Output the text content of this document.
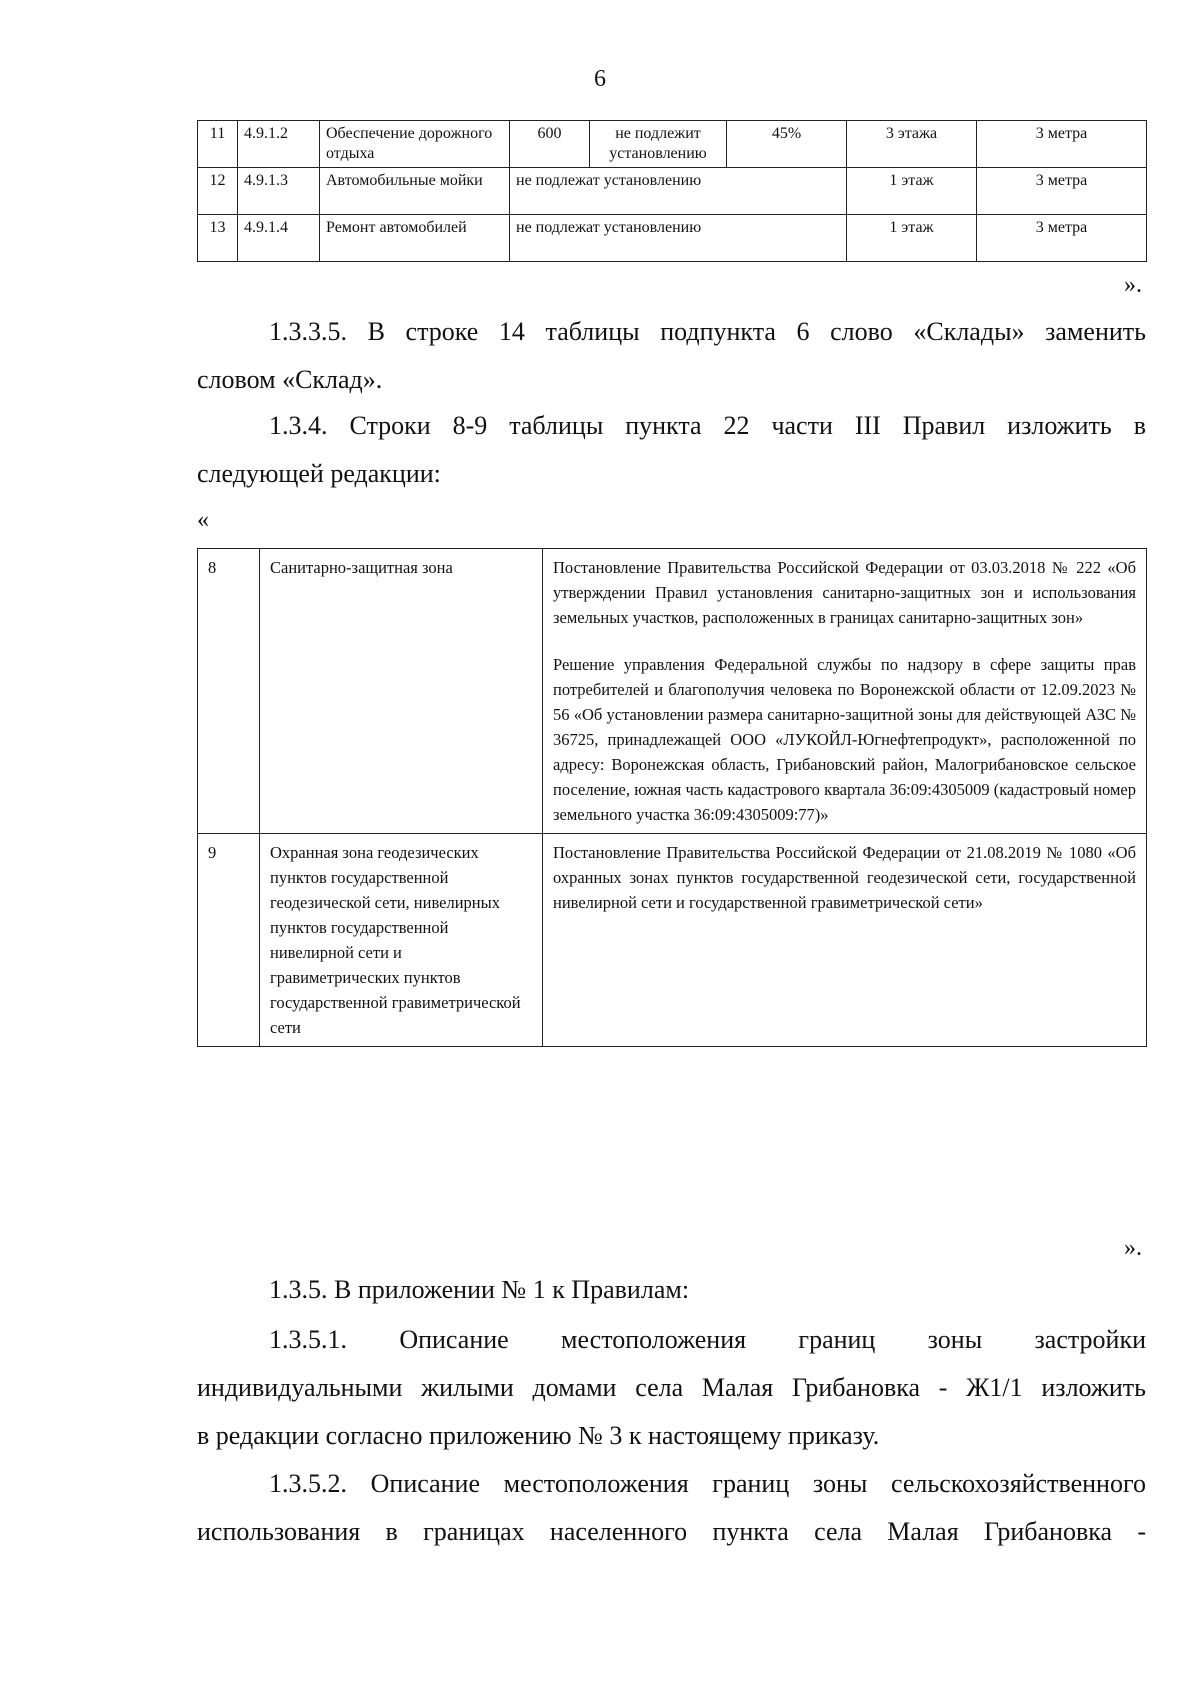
6
11	4.9.1.2	Обеспечение дорожного отдыха	600	не подлежит установлению	45%	3 этажа	3 метра
12	4.9.1.3	Автомобильные мойки	не подлежат установлению			1 этаж	3 метра
13	4.9.1.4	Ремонт автомобилей	не подлежат установлению			1 этаж	3 метра
».
1.3.3.5. В строке 14 таблицы подпункта 6 слово «Склады» заменить
словом «Склад».
1.3.4. Строки 8-9 таблицы пункта 22 части III Правил изложить в
следующей редакции:
«
8	Санитарно-защитная зона	Постановление Правительства Российской Федерации от 03.03.2018 № 222 «Об утверждении Правил установления санитарно-защитных зон и использования земельных участков, расположенных в границах санитарно-защитных зон»

Решение управления Федеральной службы по надзору в сфере защиты прав потребителей и благополучия человека по Воронежской области от 12.09.2023 № 56 «Об установлении размера санитарно-защитной зоны для действующей АЗС № 36725, принадлежащей ООО «ЛУКОЙЛ-Югнефтепродукт», расположенной по адресу: Воронежская область, Грибановский район, Малогрибановское сельское поселение, южная часть кадастрового квартала 36:09:4305009 (кадастровый номер земельного участка 36:09:4305009:77)»

9	Охранная зона геодезических пунктов государственной геодезической сети, нивелирных пунктов государственной нивелирной сети и гравиметрических пунктов государственной гравиметрической сети	Постановление Правительства Российской Федерации от 21.08.2019 № 1080 «Об охранных зонах пунктов государственной геодезической сети, государственной нивелирной сети и государственной гравиметрической сети»

».
1.3.5. В приложении № 1 к Правилам:
1.3.5.1. Описание местоположения границ зоны застройки
индивидуальными жилыми домами села Малая Грибановка - Ж1/1 изложить
в редакции согласно приложению № 3 к настоящему приказу.
1.3.5.2. Описание местоположения границ зоны сельскохозяйственного
использования в границах населенного пункта села Малая Грибановка -
